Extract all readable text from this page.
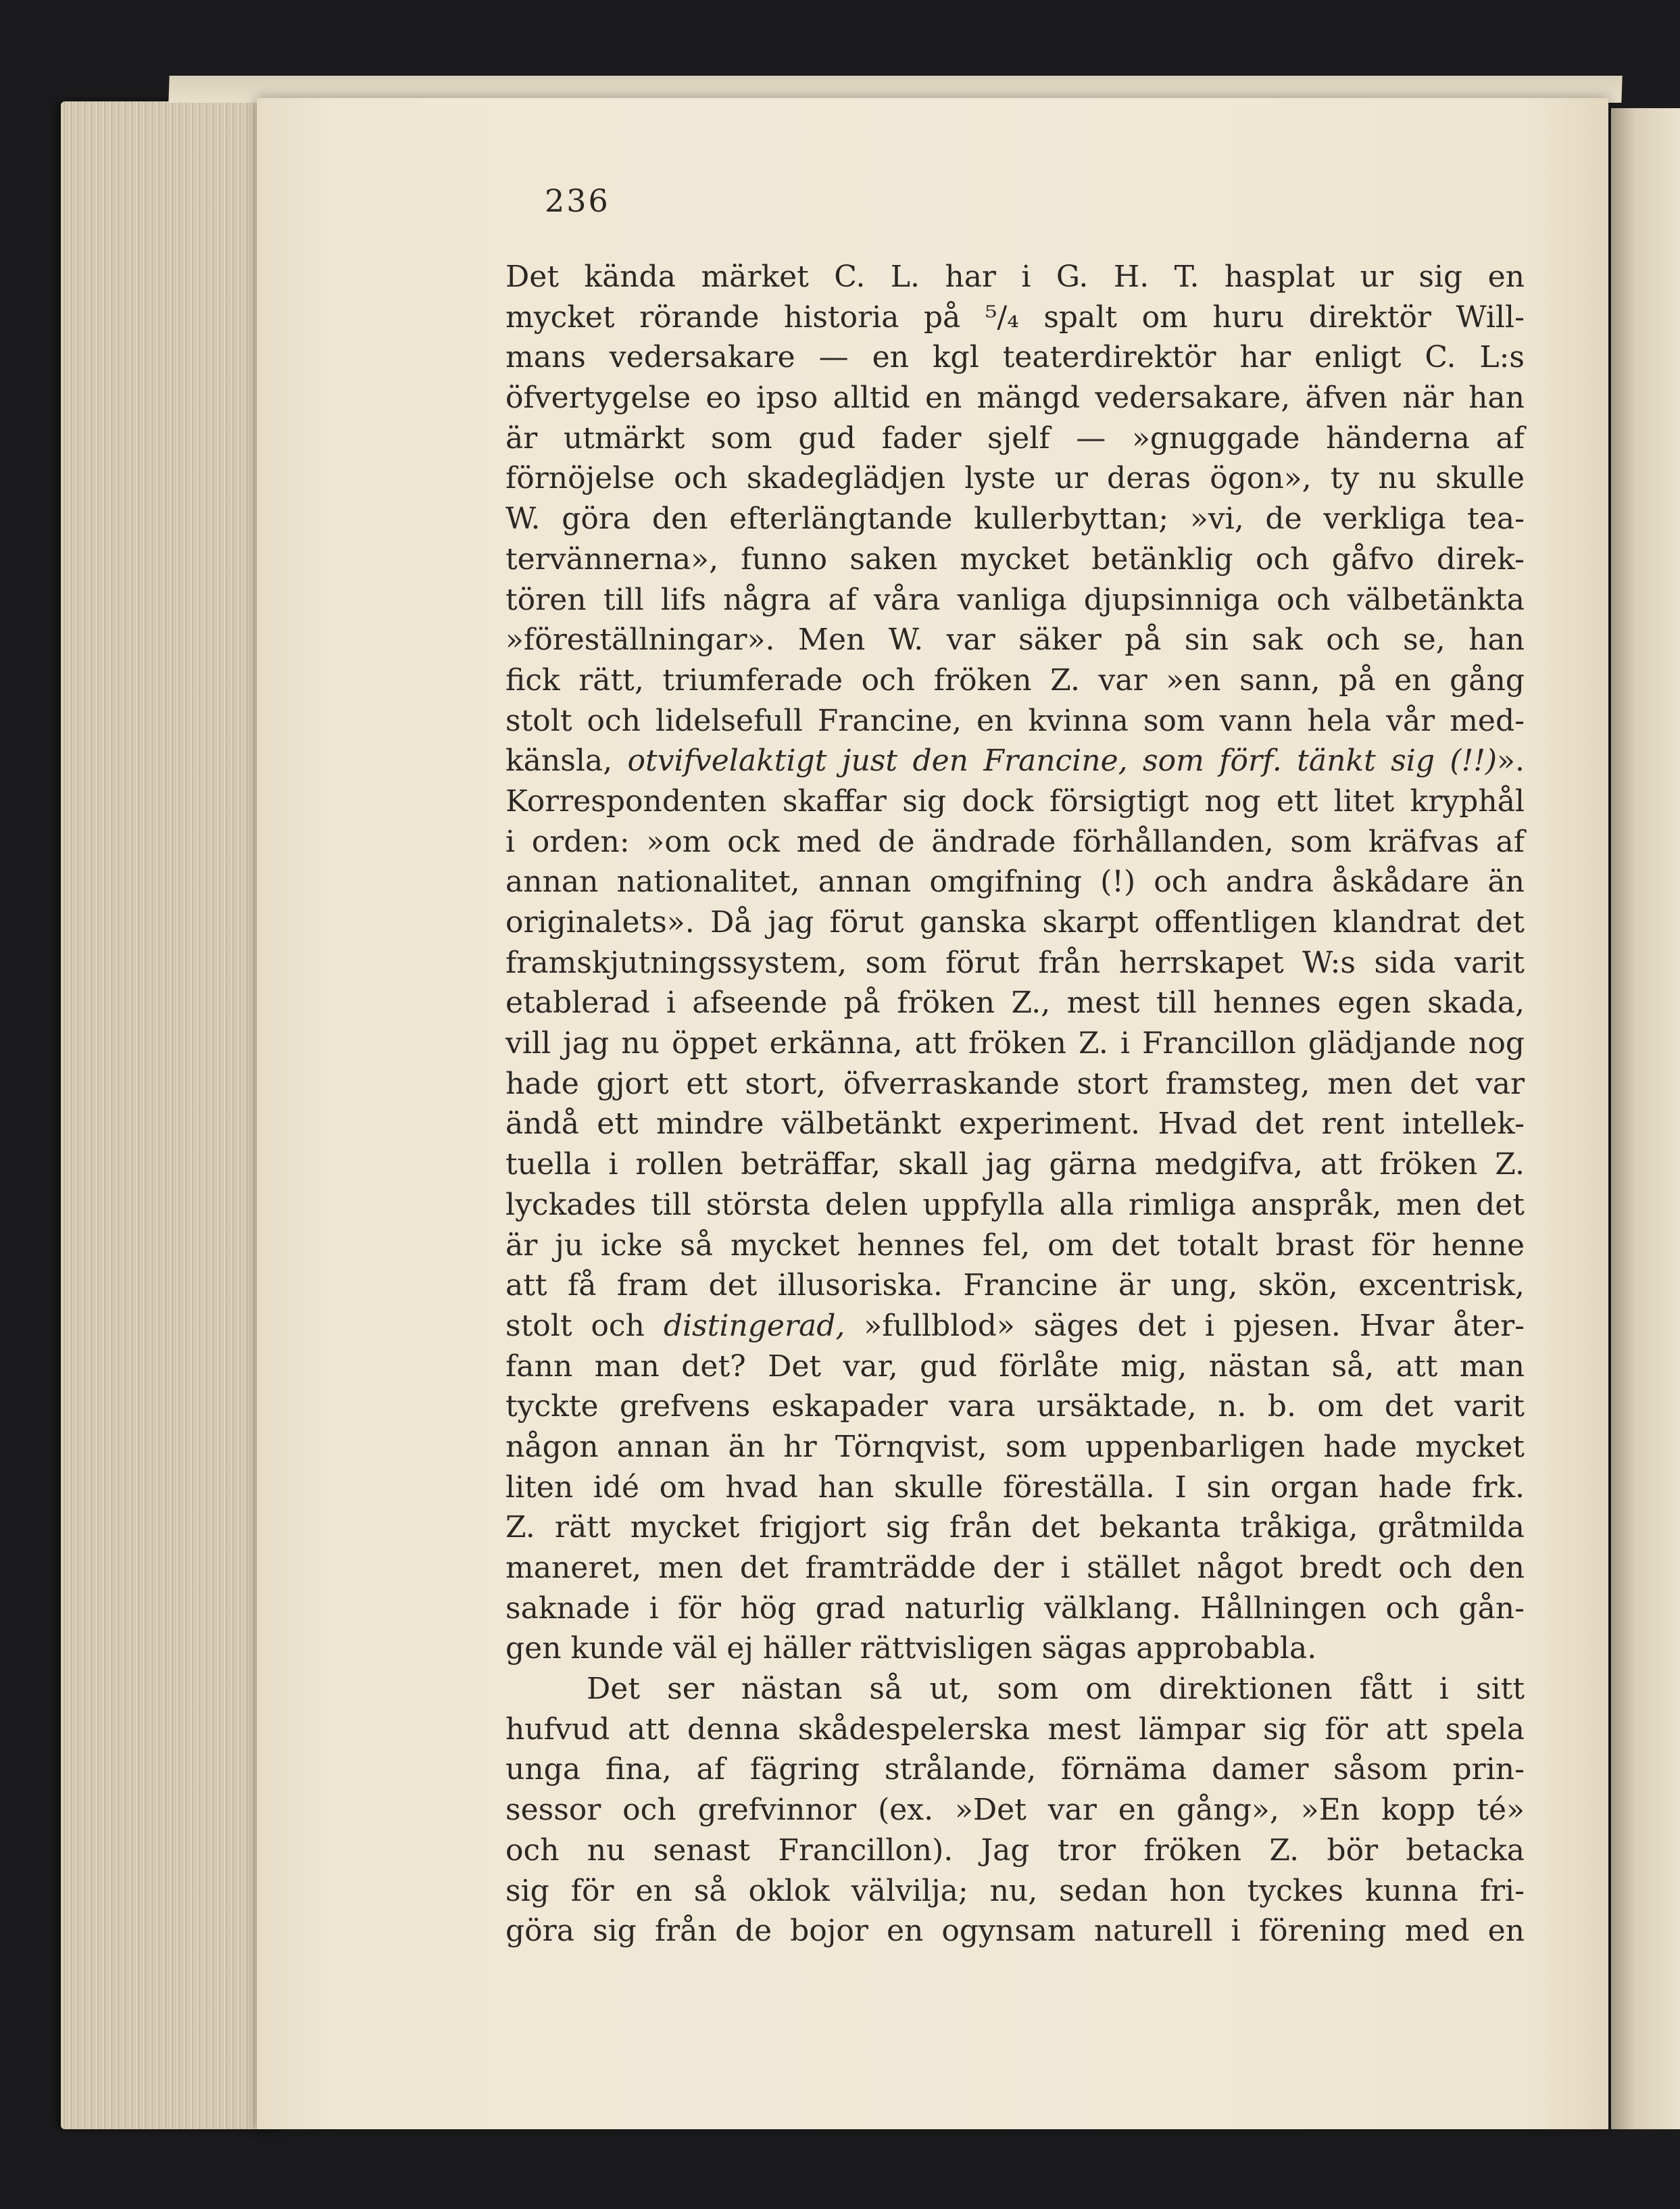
236
Det kända märket C. L. har i G. H. T. hasplat ur sig en
mycket rörande historia på ⁵/₄ spalt om huru direktör Will-
mans vedersakare — en kgl teaterdirektör har enligt C. L:s
öfvertygelse eo ipso alltid en mängd vedersakare, äfven när han
är utmärkt som gud fader sjelf — »gnuggade händerna af
förnöjelse och skadeglädjen lyste ur deras ögon», ty nu skulle
W. göra den efterlängtande kullerbyttan; »vi, de verkliga tea-
tervännerna», funno saken mycket betänklig och gåfvo direk-
tören till lifs några af våra vanliga djupsinniga och välbetänkta
»föreställningar». Men W. var säker på sin sak och se, han
fick rätt, triumferade och fröken Z. var »en sann, på en gång
stolt och lidelsefull Francine, en kvinna som vann hela vår med-
känsla, otvifvelaktigt just den Francine, som förf. tänkt sig (!!)».
Korrespondenten skaffar sig dock försigtigt nog ett litet kryphål
i orden: »om ock med de ändrade förhållanden, som kräfvas af
annan nationalitet, annan omgifning (!) och andra åskådare än
originalets». Då jag förut ganska skarpt offentligen klandrat det
framskjutningssystem, som förut från herrskapet W:s sida varit
etablerad i afseende på fröken Z., mest till hennes egen skada,
vill jag nu öppet erkänna, att fröken Z. i Francillon glädjande nog
hade gjort ett stort, öfverraskande stort framsteg, men det var
ändå ett mindre välbetänkt experiment. Hvad det rent intellek-
tuella i rollen beträffar, skall jag gärna medgifva, att fröken Z.
lyckades till största delen uppfylla alla rimliga anspråk, men det
är ju icke så mycket hennes fel, om det totalt brast för henne
att få fram det illusoriska. Francine är ung, skön, excentrisk,
stolt och distingerad, »fullblod» säges det i pjesen. Hvar åter-
fann man det? Det var, gud förlåte mig, nästan så, att man
tyckte grefvens eskapader vara ursäktade, n. b. om det varit
någon annan än hr Törnqvist, som uppenbarligen hade mycket
liten idé om hvad han skulle föreställa. I sin organ hade frk.
Z. rätt mycket frigjort sig från det bekanta tråkiga, gråtmilda
maneret, men det framträdde der i stället något bredt och den
saknade i för hög grad naturlig välklang. Hållningen och gån-
gen kunde väl ej häller rättvisligen sägas approbabla.
Det ser nästan så ut, som om direktionen fått i sitt
hufvud att denna skådespelerska mest lämpar sig för att spela
unga fina, af fägring strålande, förnäma damer såsom prin-
sessor och grefvinnor (ex. »Det var en gång», »En kopp té»
och nu senast Francillon). Jag tror fröken Z. bör betacka
sig för en så oklok välvilja; nu, sedan hon tyckes kunna fri-
göra sig från de bojor en ogynsam naturell i förening med en
